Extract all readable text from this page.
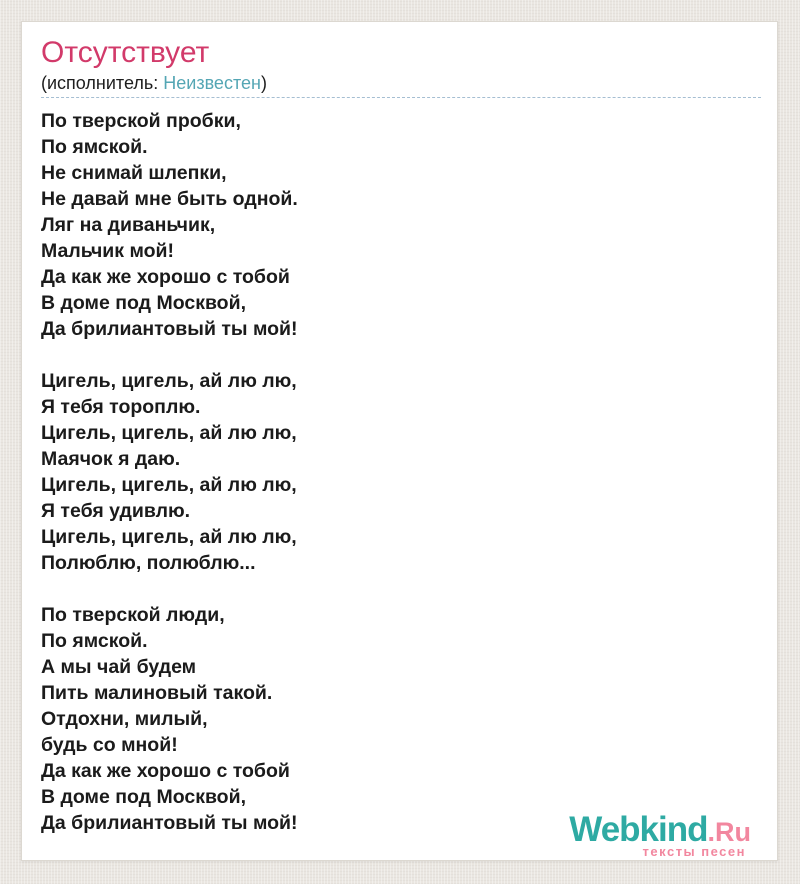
Отсутствует
(исполнитель: Неизвестен)

По тверской пробки,
По ямской.
Не снимай шлепки,
Не давай мне быть одной.
Ляг на диваньчик,
Мальчик мой!
Да как же хорошо с тобой
В доме под Москвой,
Да брилиантовый ты мой!

Цигель, цигель, ай лю лю,
Я тебя тороплю.
Цигель, цигель, ай лю лю,
Маячок я даю.
Цигель, цигель, ай лю лю,
Я тебя удивлю.
Цигель, цигель, ай лю лю,
Полюблю, полюблю...

По тверской люди,
По ямской.
А мы чай будем
Пить малиновый такой.
Отдохни, милый,
будь со мной!
Да как же хорошо с тобой
В доме под Москвой,
Да брилиантовый ты мой!	Webkind.Ru
тексты песен
